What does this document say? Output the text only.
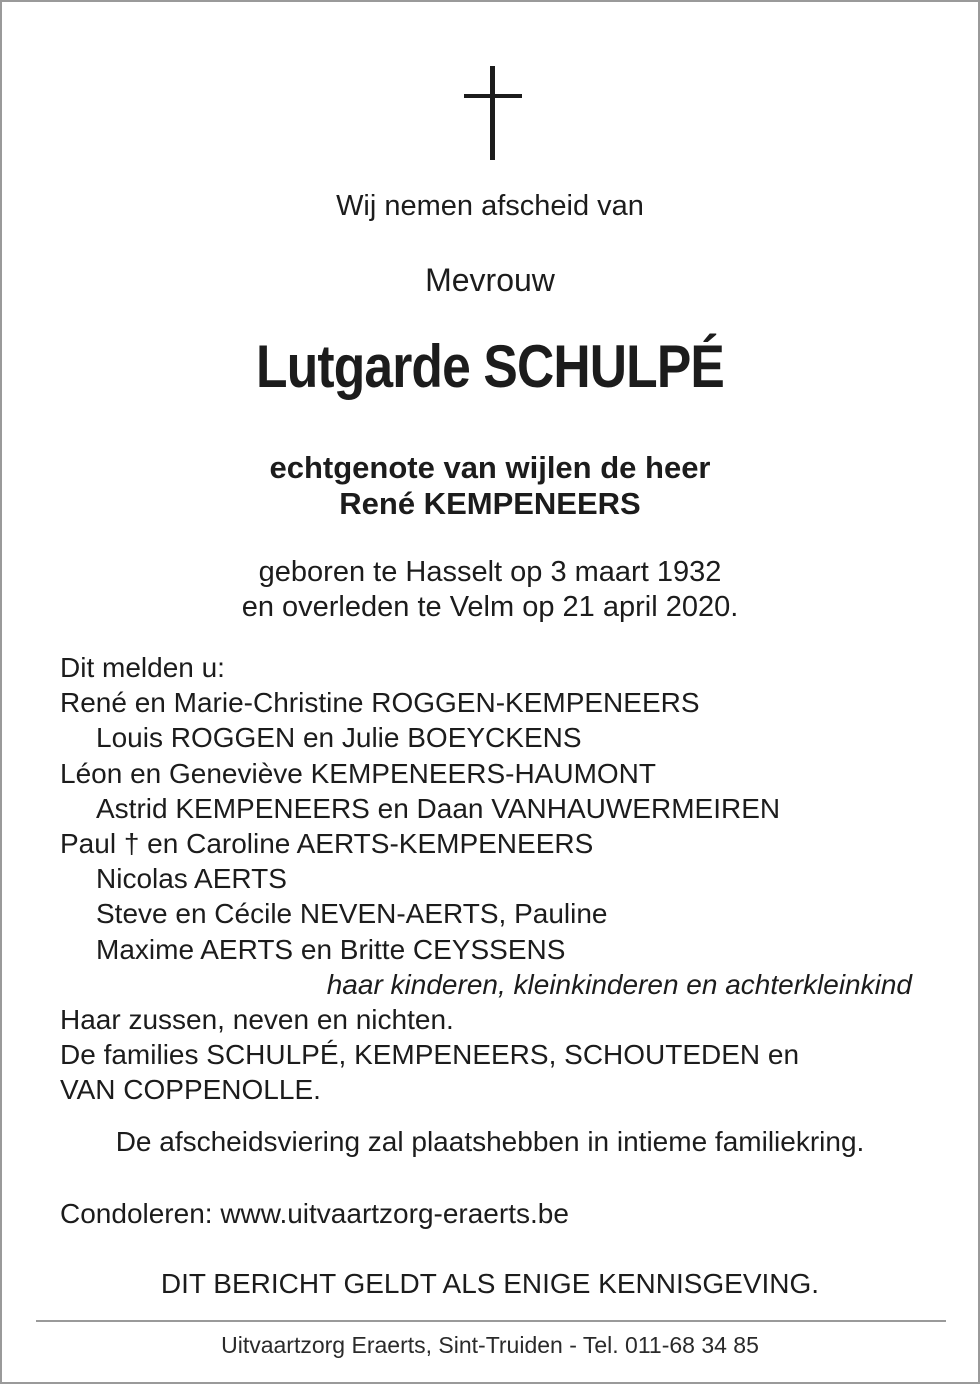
Wij nemen afscheid van
Mevrouw
Lutgarde SCHULPÉ
echtgenote van wijlen de heer
René KEMPENEERS
geboren te Hasselt op 3 maart 1932
en overleden te Velm op 21 april 2020.
Dit melden u:
René en Marie-Christine ROGGEN-KEMPENEERS
Louis ROGGEN en Julie BOEYCKENS
Léon en Geneviève KEMPENEERS-HAUMONT
Astrid KEMPENEERS en Daan VANHAUWERMEIREN
Paul † en Caroline AERTS-KEMPENEERS
Nicolas AERTS
Steve en Cécile NEVEN-AERTS, Pauline
Maxime AERTS en Britte CEYSSENS
haar kinderen, kleinkinderen en achterkleinkind
Haar zussen, neven en nichten.
De families SCHULPÉ, KEMPENEERS, SCHOUTEDEN en
VAN COPPENOLLE.
De afscheidsviering zal plaatshebben in intieme familiekring.
Condoleren: www.uitvaartzorg-eraerts.be
DIT BERICHT GELDT ALS ENIGE KENNISGEVING.
Uitvaartzorg Eraerts, Sint-Truiden - Tel. 011-68 34 85
